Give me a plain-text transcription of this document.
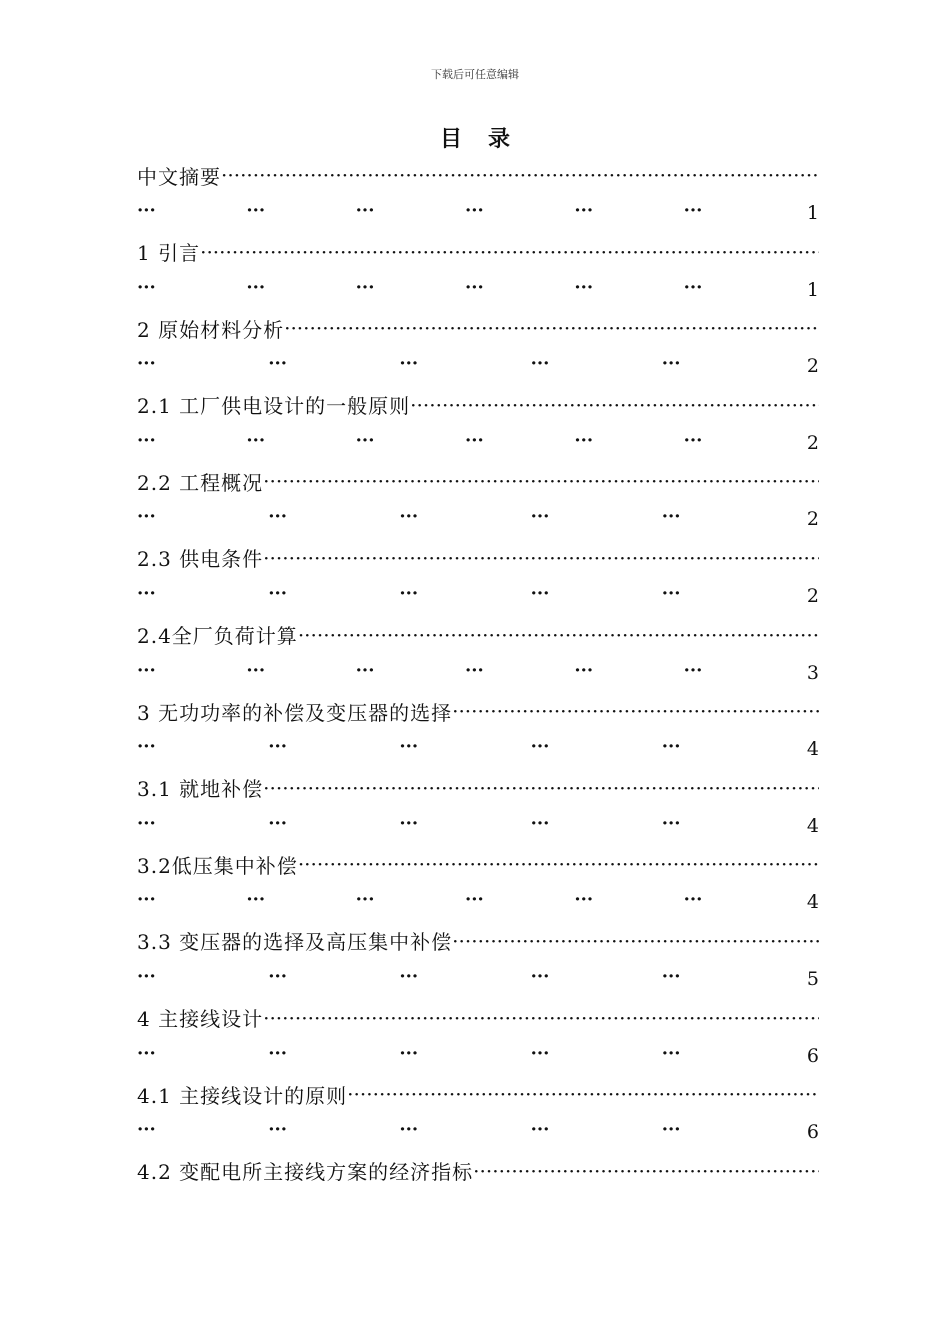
下载后可任意编辑
目录
中文摘要
·····
···	···	···	···	···	···	1
1 引言
·····
···	···	···	···	···	···	1
2 原始材料分析
·····
···	···	···	···	···	2
2.1 工厂供电设计的一般原则
·····
···	···	···	···	···	···	2
2.2 工程概况
·····
···	···	···	···	···	2
2.3 供电条件
·····
···	···	···	···	···	2
2.4全厂负荷计算
·····
···	···	···	···	···	···	3
3 无功功率的补偿及变压器的选择
·····
···	···	···	···	···	4
3.1 就地补偿
·····
···	···	···	···	···	4
3.2低压集中补偿
·····
···	···	···	···	···	···	4
3.3 变压器的选择及高压集中补偿
·····
···	···	···	···	···	5
4 主接线设计
·····
···	···	···	···	···	6
4.1 主接线设计的原则
·····
···	···	···	···	···	6
4.2 变配电所主接线方案的经济指标
·····
